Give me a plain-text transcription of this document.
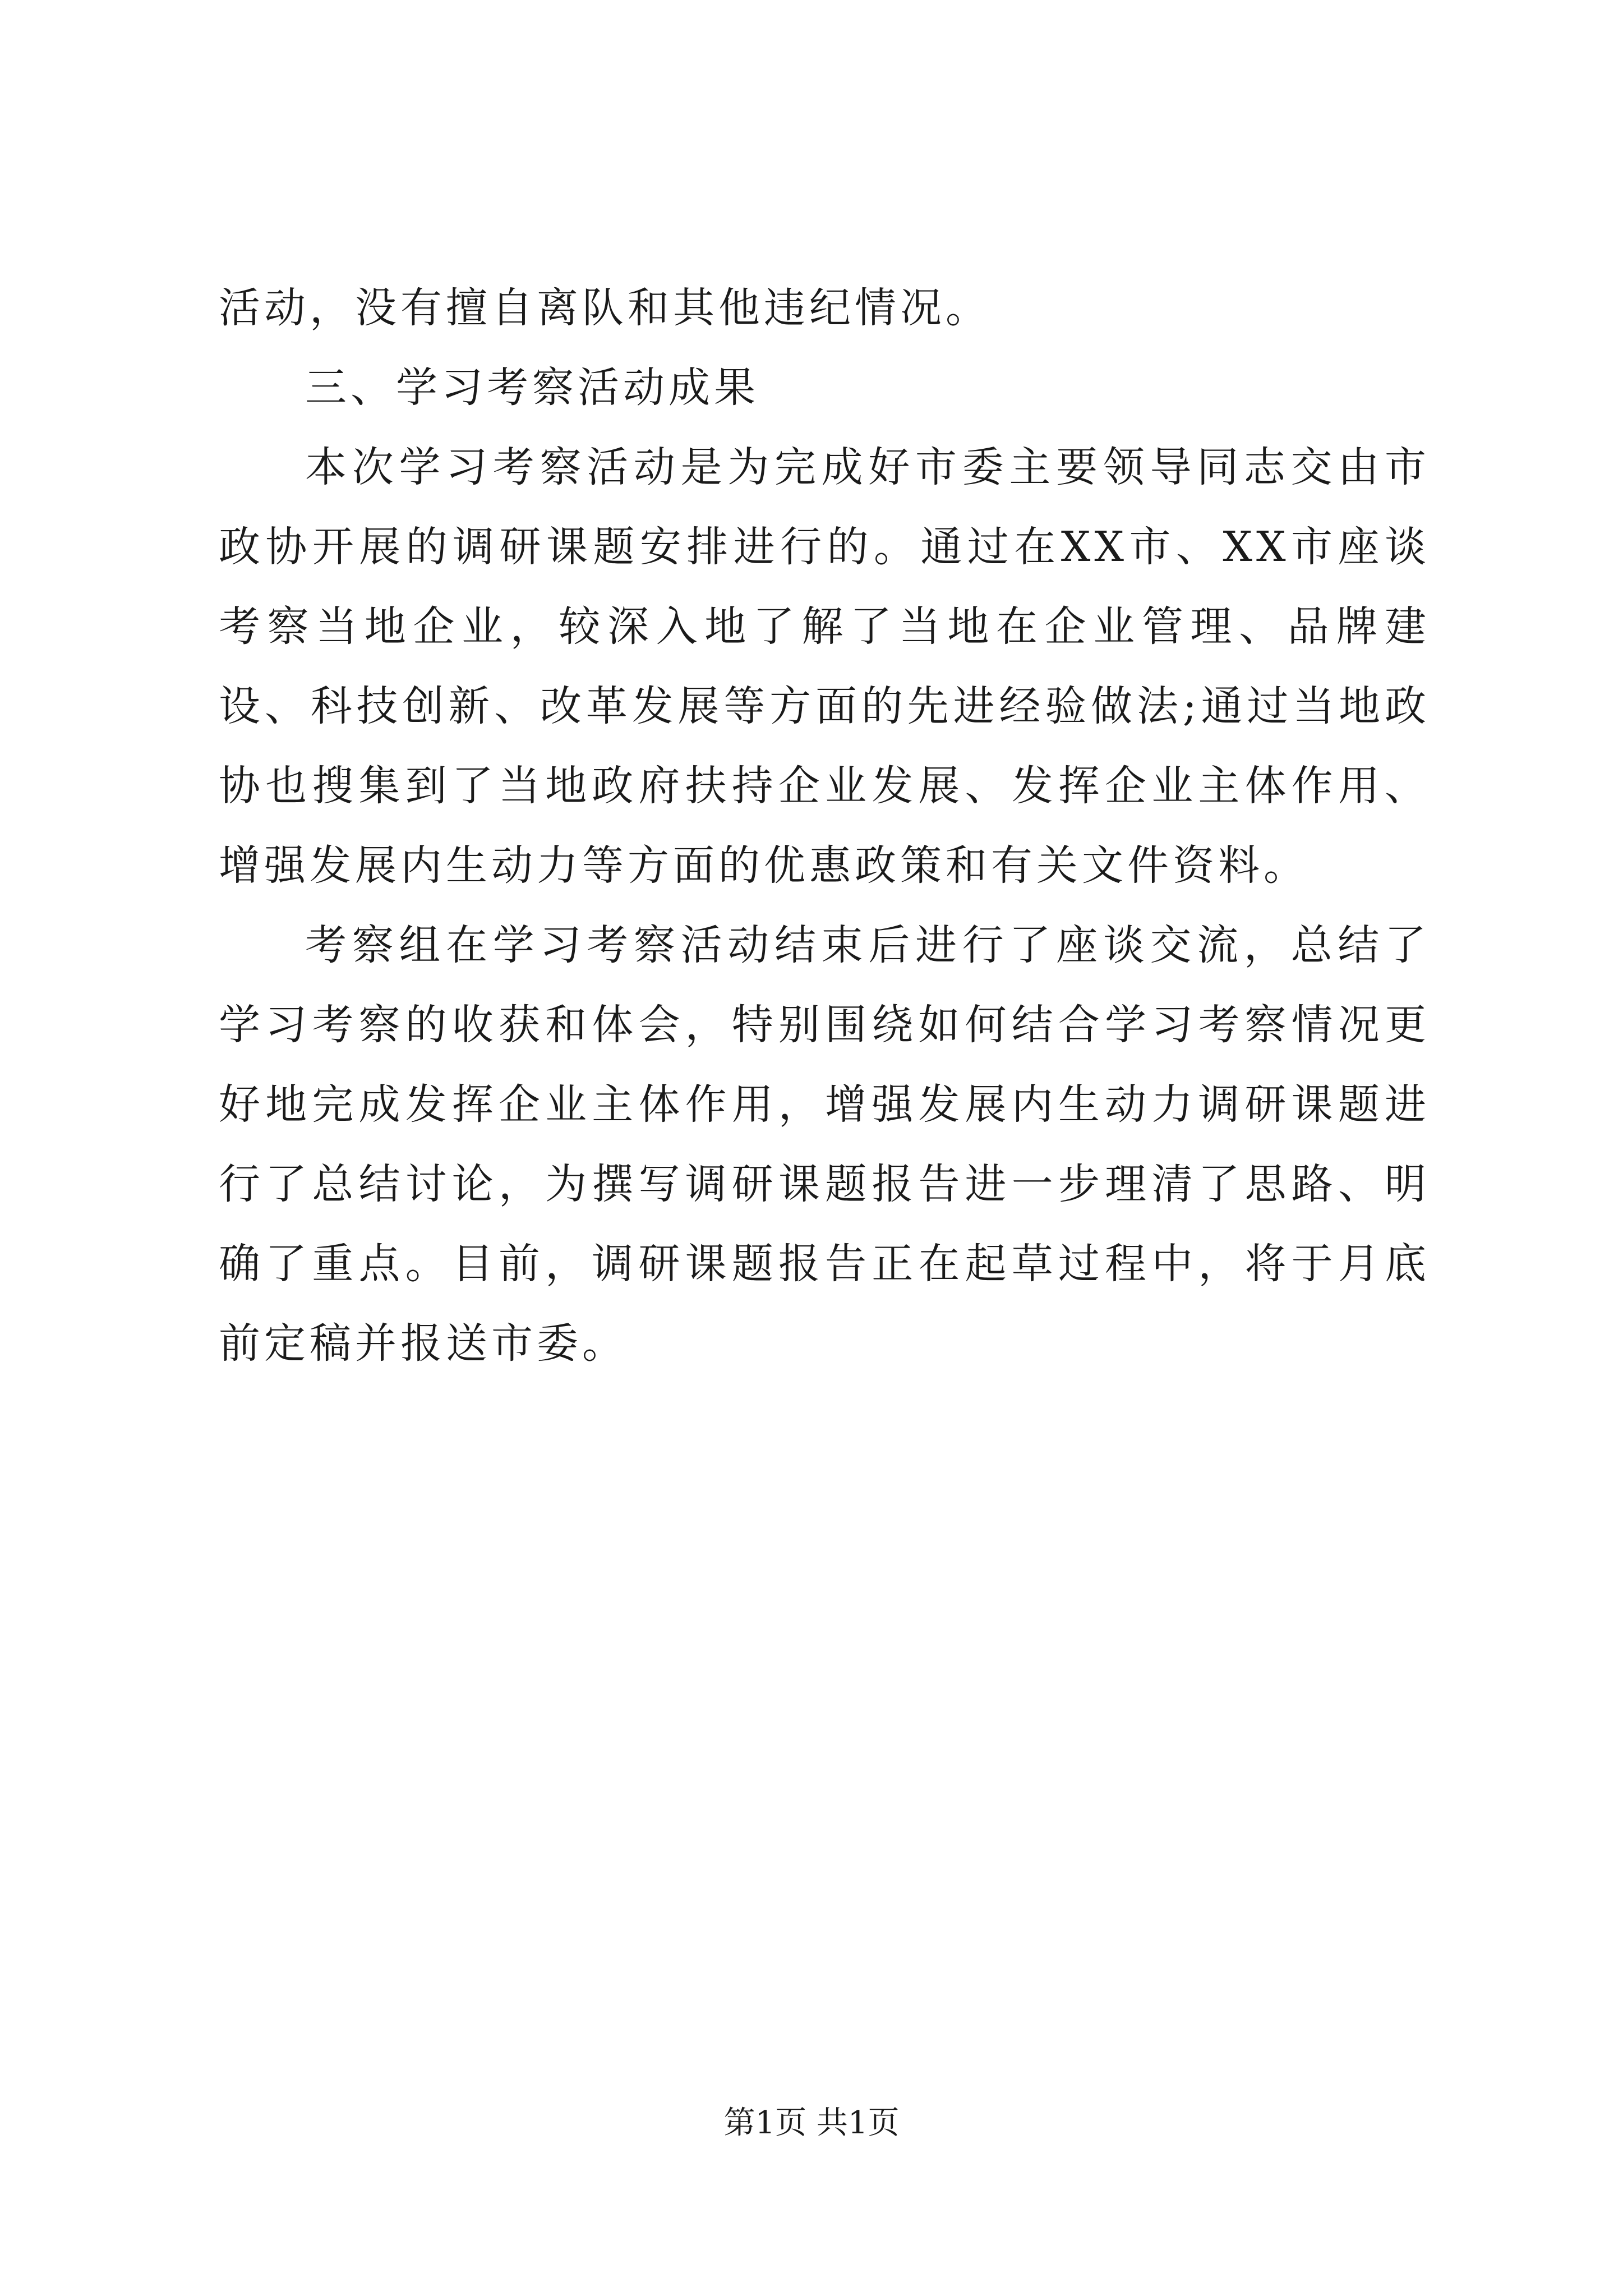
活动，没有擅自离队和其他违纪情况。

三、学习考察活动成果

本次学习考察活动是为完成好市委主要领导同志交由市政协开展的调研课题安排进行的。通过在XX市、XX市座谈考察当地企业，较深入地了解了当地在企业管理、品牌建设、科技创新、改革发展等方面的先进经验做法;通过当地政协也搜集到了当地政府扶持企业发展、发挥企业主体作用、增强发展内生动力等方面的优惠政策和有关文件资料。

考察组在学习考察活动结束后进行了座谈交流，总结了学习考察的收获和体会，特别围绕如何结合学习考察情况更好地完成发挥企业主体作用，增强发展内生动力调研课题进行了总结讨论，为撰写调研课题报告进一步理清了思路、明确了重点。目前，调研课题报告正在起草过程中，将于月底前定稿并报送市委。

第1页 共1页
